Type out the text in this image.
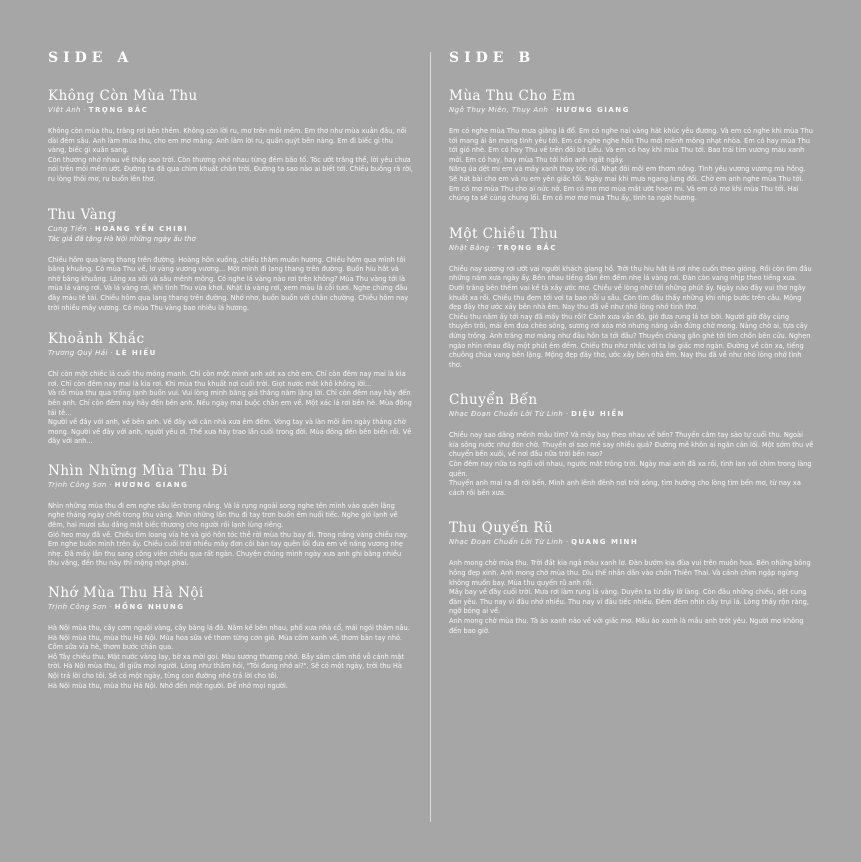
SIDE A
Không Còn Mùa Thu
Việt Anh · TRỌNG BẮC

Không còn mùa thu, trăng rơi bên thềm. Không còn lời ru, mơ trên môi mềm. Em thơ như mùa xuân đầu, nối dài đêm sâu. Anh làm mùa thu, cho em mơ màng. Anh làm lời ru, quấn quýt bên nàng. Em đi biếc gì thu vàng, biếc gì xuân sang.

Còn thương nhớ nhau về thắp sao trời. Còn thương nhớ nhau từng đêm bão tố. Tóc ướt trắng thề, lời yêu chưa nói trên môi mềm ướt. Đường ta đã qua chìm khuất chân trời. Đường ta sao nào ai biết tới. Chiều buông rã rời, ru lòng thôi mơ, ru buồn lên thơ.

Thu Vàng
Cung Tiến · HOÀNG YẾN CHIBI
Tác giả đã tặng Hà Nội những ngày ấu thơ

Chiều hôm qua lang thang trên đường. Hoàng hôn xuống, chiều thắm muôn hương. Chiều hôm qua mình tôi bâng khuâng. Có mùa Thu về, lơ vàng vương vương... Một mình đi lang thang trên đường. Buồn hiu hắt và nhớ bâng khuâng. Lòng xa xôi và sâu mênh mông. Có nghe lá vàng nào rơi trên không? Mùa Thu vàng tới là mùa lá vàng rơi. Và lá vàng rơi, khi tình Thu vừa khơi. Nhặt lá vàng rơi, xem màu lá cỗi tươi. Nghe chừng đâu đây màu tê tái. Chiều hôm qua lang thang trên đường. Nhớ nhơ, buồn buồn với chân chường. Chiều hôm nay trời nhiều mây vương. Có mùa Thu vàng bao nhiêu lá hương.

Khoảnh Khắc
Trương Quý Hải · LÊ HIẾU

Chỉ còn một chiếc lá cuối thu mỏng manh. Chỉ còn một mình anh xót xa chờ em. Chỉ còn đêm nay mai là kia rơi. Chỉ còn đêm nay mai là kia rơi. Khi mùa thu khuất nơi cuối trời. Giọt nước mắt khô không lời...

Và rồi mùa thu qua trống lạnh buồn vui. Vui lòng mình bằng giá thắng năm lặng lời. Chỉ còn đêm nay hãy đến bên anh. Chỉ còn đêm nay hãy đến bên anh. Nếu ngày mai buộc chân em về. Một xác lá rơi bên hè. Mùa đông tái tê...

Người về đây với anh, về bên anh. Về đây với căn nhà xưa êm đềm. Vòng tay và làn môi ấm ngày tháng chờ mong. Người về đây với anh, người yêu ơi. Thế xưa hãy trao lần cuối trong đời. Mùa đông đến bên biển rồi. Về đây với anh...

Nhìn Những Mùa Thu Đi
Trịnh Công Sơn · HƯƠNG GIANG

Nhìn những mùa thu đi em nghe sầu lên trong nắng. Và lá rụng ngoài song nghe tên mình vào quên lãng nghe tháng ngày chết trong thu vàng. Nhìn những lần thu đi tay trơn buồn êm nuối tiếc. Nghe gió lạnh về đêm, hai mươi sầu dâng mắt biếc thương cho người rồi lạnh lùng riêng.

Gió heo may đã về. Chiều tím loang vỉa hè và gió hôn tóc thề rời mùa thu bay đi. Trong nắng vàng chiều nay. Em nghe buồn mình trên ấy. Chiều cuối trời nhiều mây đơn côi bàn tay quên lối đưa em về nắng vương nhẹ nhẹ. Đã mấy lần thu sang cõng viên chiều qua rất ngàn. Chuyện chúng mình ngày xưa anh ghi bằng nhiều thu vắng, đến thu này thì mộng nhạt phai.

Nhớ Mùa Thu Hà Nội
Trịnh Công Sơn · HỒNG NHUNG

Hà Nội mùa thu, cây cơm nguội vàng, cây bàng lá đỏ. Nằm kề bên nhau, phố xưa nhà cổ, mái ngói thâm nâu. Hà Nội mùa thu, mùa thu Hà Nội. Mùa hoa sữa về thơm từng cơn gió. Mùa cốm xanh về, thơm bàn tay nhỏ. Cốm sữa vỉa hè, thơm bước chân qua.

Hồ Tây chiều thu. Mặt nước vàng lay, bờ xa mời gọi. Màu sương thương nhớ. Bầy sâm cầm nhỏ vỗ cánh mặt trời. Hà Nội mùa thu, đi giữa mọi người. Lòng như thầm hỏi, "Tôi đang nhớ ai?". Sẽ có một ngày, trời thu Hà Nội trả lời cho tôi. Sẽ có một ngày, từng con đường nhỏ trả lời cho tôi.

Hà Nội mùa thu, mùa thu Hà Nội. Nhớ đến một người. Để nhớ mọi người.

SIDE B
Mùa Thu Cho Em
Ngô Thụy Miên, Thụy Anh · HƯƠNG GIANG

Em có nghe mùa Thu mưa giăng lá đổ. Em có nghe nai vàng hát khúc yêu đương. Và em có nghe khi mùa Thu tới mang ái ân mang tình yêu tới. Em có nghe nghe hồn Thu mới mênh mông nhạt nhòa. Em có hay mùa Thu tới gió nhè. Em có hay Thu về trên đôi bờ Liễu. Và em có hay khi mùa Thu tới. Bao trái tim vương màu xanh mới. Em có hay, hay mùa Thu tới hôn anh ngất ngây.

Nắng úa dệt mi em và mây xanh thay tóc rối. Nhạt đôi môi em thơm nồng. Tình yêu vương vương mà hồng. Sẽ hát bài cho em và ru em yên giấc tối. Ngày mai khi mưa ngang lưng đồi. Chờ em anh nghe mùa Thu tới. Em có mơ mùa Thu cho ai nức nở. Em có mơ mơ mùa mắt ướt hoen mi. Và em có mơ khi mùa Thu tới. Hai chúng ta sẽ cùng chung lối. Em có mơ mơ mùa Thu ấy, tình ta ngát hương.

Một Chiều Thu
Nhật Bằng · TRỌNG BẮC

Chiều nay sương rơi ướt vai người khách giang hồ. Trời thu hiu hắt lá rơi nhẹ cuốn theo gióng. Rồi còn tìm đâu những năm xưa ngày ấy. Bên nhau tiếng đàn êm đềm nhẹ lá vàng rơi. Đàn còn vang nhịp theo tiếng xưa. Dưới trăng bên thềm vai kề tà xây ước mơ. Chiều về lòng nhớ tới những phút ấy. Ngày nào đây vui thơ ngây khuất xa rồi. Chiều thu đem tới vơi ta bao nỗi u sầu. Còn tìm đâu thấy những khi nhịp bước trên cầu. Mộng đẹp đây thơ ước xây bên nhà êm. Nay thu đã về như nhỏ lòng nhớ tình thơ.

Chiều thu năm ấy tới nay đã mấy thu rồi? Cảnh xưa vẫn đó, gió đưa rung lá tơi bời. Người giờ đây cùng thuyền trôi, mái êm đưa chèo sông, sương rơi xóa mờ nhưng năng vẫn đứng chờ mong. Nàng chờ ai, tựa cây đứng trông. Ánh trăng mơ màng như đâu hồn ta tới đâu? Thuyền chàng gần ghé tới tìm chốn bên cửu. Nghẹn ngào nhìn nhau đây một phút êm đềm. Chiều thu như nhắc với ta lại giấc mơ ngàn. Đường về còn xa, tiếng chuông chùa vang bên lặng. Mộng đẹp đây thơ, ước xây bên nhà êm. Nay thu đã về như nhỏ lòng nhớ tình thơ.

Chuyển Bến
Nhạc Đoạn Chuẩn Lời Từ Linh · DIỆU HIỀN

Chiều nay sao dâng mênh mâu tím? Và mây bay theo nhau về bến? Thuyền cắm tay sào tự cuối thu. Ngoài kia sông nước như đón chờ. Thuyền ơi sao mê say nhiều quá? Đường mê khôn ai ngăn cản lối. Một sớm thu về chuyển bến xuôi, về nơi đầu nữa trời bến nao?

Còn đêm nay nữa ta ngồi với nhau, ngước mắt trông trời. Ngày mai anh đã xa rồi, tình lan với chim trong làng quên.

Thuyền anh mai ra đi rời bến. Mình anh lênh đênh nơi trời sóng, tìm hướng cho lòng tìm bến mơ, từ nay xa cách rồi bến xưa.

Thu Quyến Rũ
Nhạc Đoạn Chuẩn Lời Từ Linh · QUANG MINH

Anh mong chờ mùa thu. Trời đất kia ngả màu xanh lơ. Đàn bướm kia đùa vui trên muôn hoa. Bên những bông hồng đẹp xinh. Anh mong chờ mùa thu. Dìu thế nhân dần vào chốn Thiên Thai. Và cảnh chìm ngập ngừng không muốn bay. Mùa thu quyến rũ anh rồi.

Mây bay về đây cuối trời. Mưa rơi làm rụng lá vàng. Duyên ta từ đây lỡ làng. Còn đâu những chiều, dệt cung đàn yêu. Thu nay vì đâu nhớ nhiều. Thu nay vì đâu tiếc nhiều. Đêm đêm nhìn cây trụi lá. Lòng thấy rộn ràng, ngỡ bóng ai về.

Anh mong chờ mùa thu. Tà áo xanh nào về với giấc mơ. Mầu áo xanh là mầu anh trót yêu. Người mơ không đến bao giờ.
